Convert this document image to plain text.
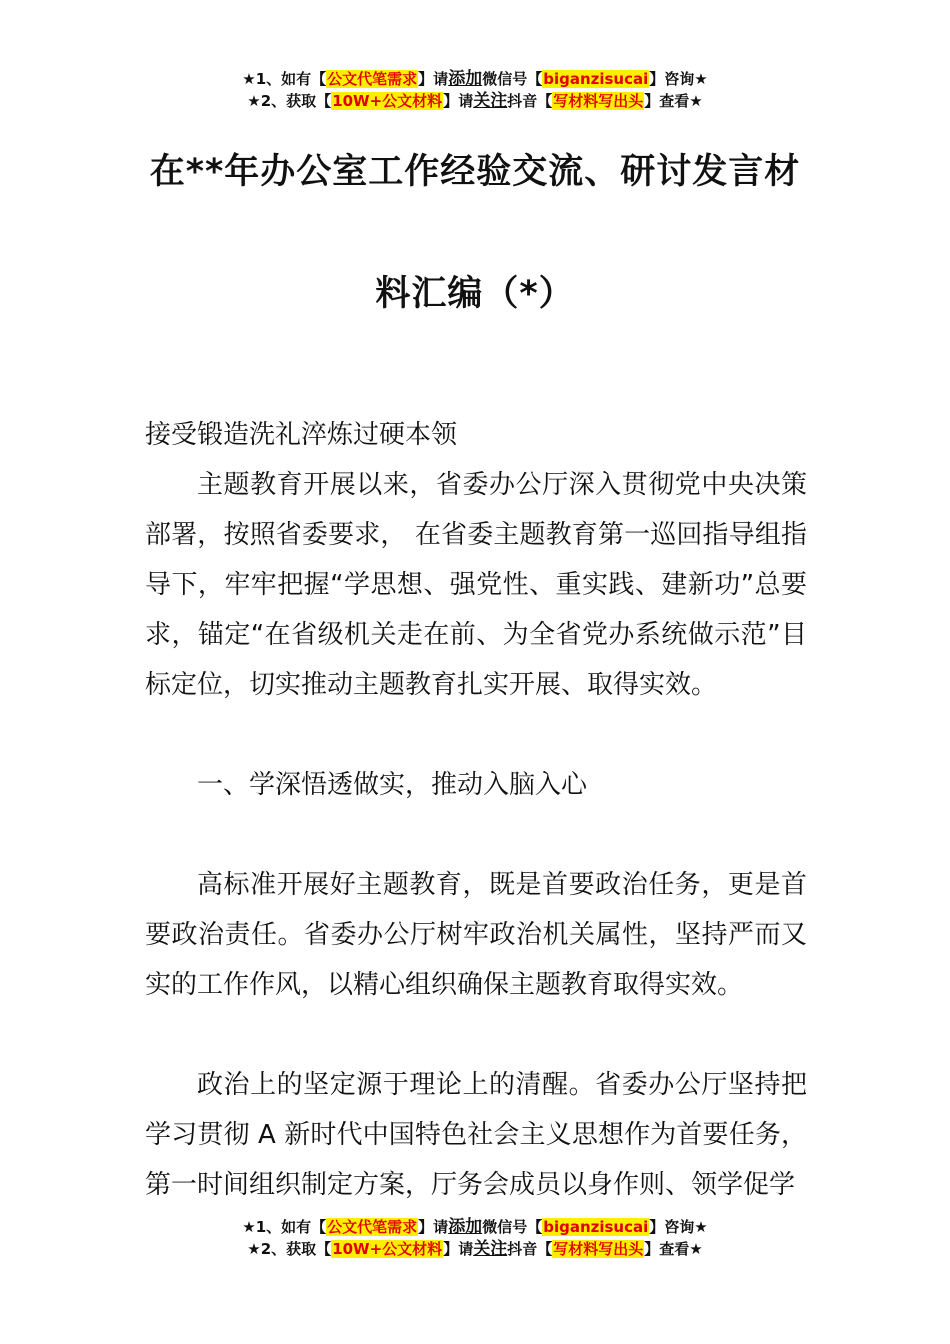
★1、如有【公文代笔需求】请添加微信号【biganzisucai】咨询★
★2、获取【10W+公文材料】请关注抖音【写材料写出头】查看★
在**年办公室工作经验交流、研讨发言材
料汇编（*）

接受锻造洗礼淬炼过硬本领

主题教育开展以来，省委办公厅深入贯彻党中央决策部署，按照省委要求， 在省委主题教育第一巡回指导组指导下，牢牢把握“学思想、强党性、重实践、建新功”总要求，锚定“在省级机关走在前、为全省党办系统做示范”目标定位，切实推动主题教育扎实开展、取得实效。

一、学深悟透做实，推动入脑入心

高标准开展好主题教育，既是首要政治任务，更是首要政治责任。省委办公厅树牢政治机关属性，坚持严而又实的工作作风，以精心组织确保主题教育取得实效。

政治上的坚定源于理论上的清醒。省委办公厅坚持把学习贯彻 A 新时代中国特色社会主义思想作为首要任务，第一时间组织制定方案，厅务会成员以身作则、领学促学

★1、如有【公文代笔需求】请添加微信号【biganzisucai】咨询★
★2、获取【10W+公文材料】请关注抖音【写材料写出头】查看★
